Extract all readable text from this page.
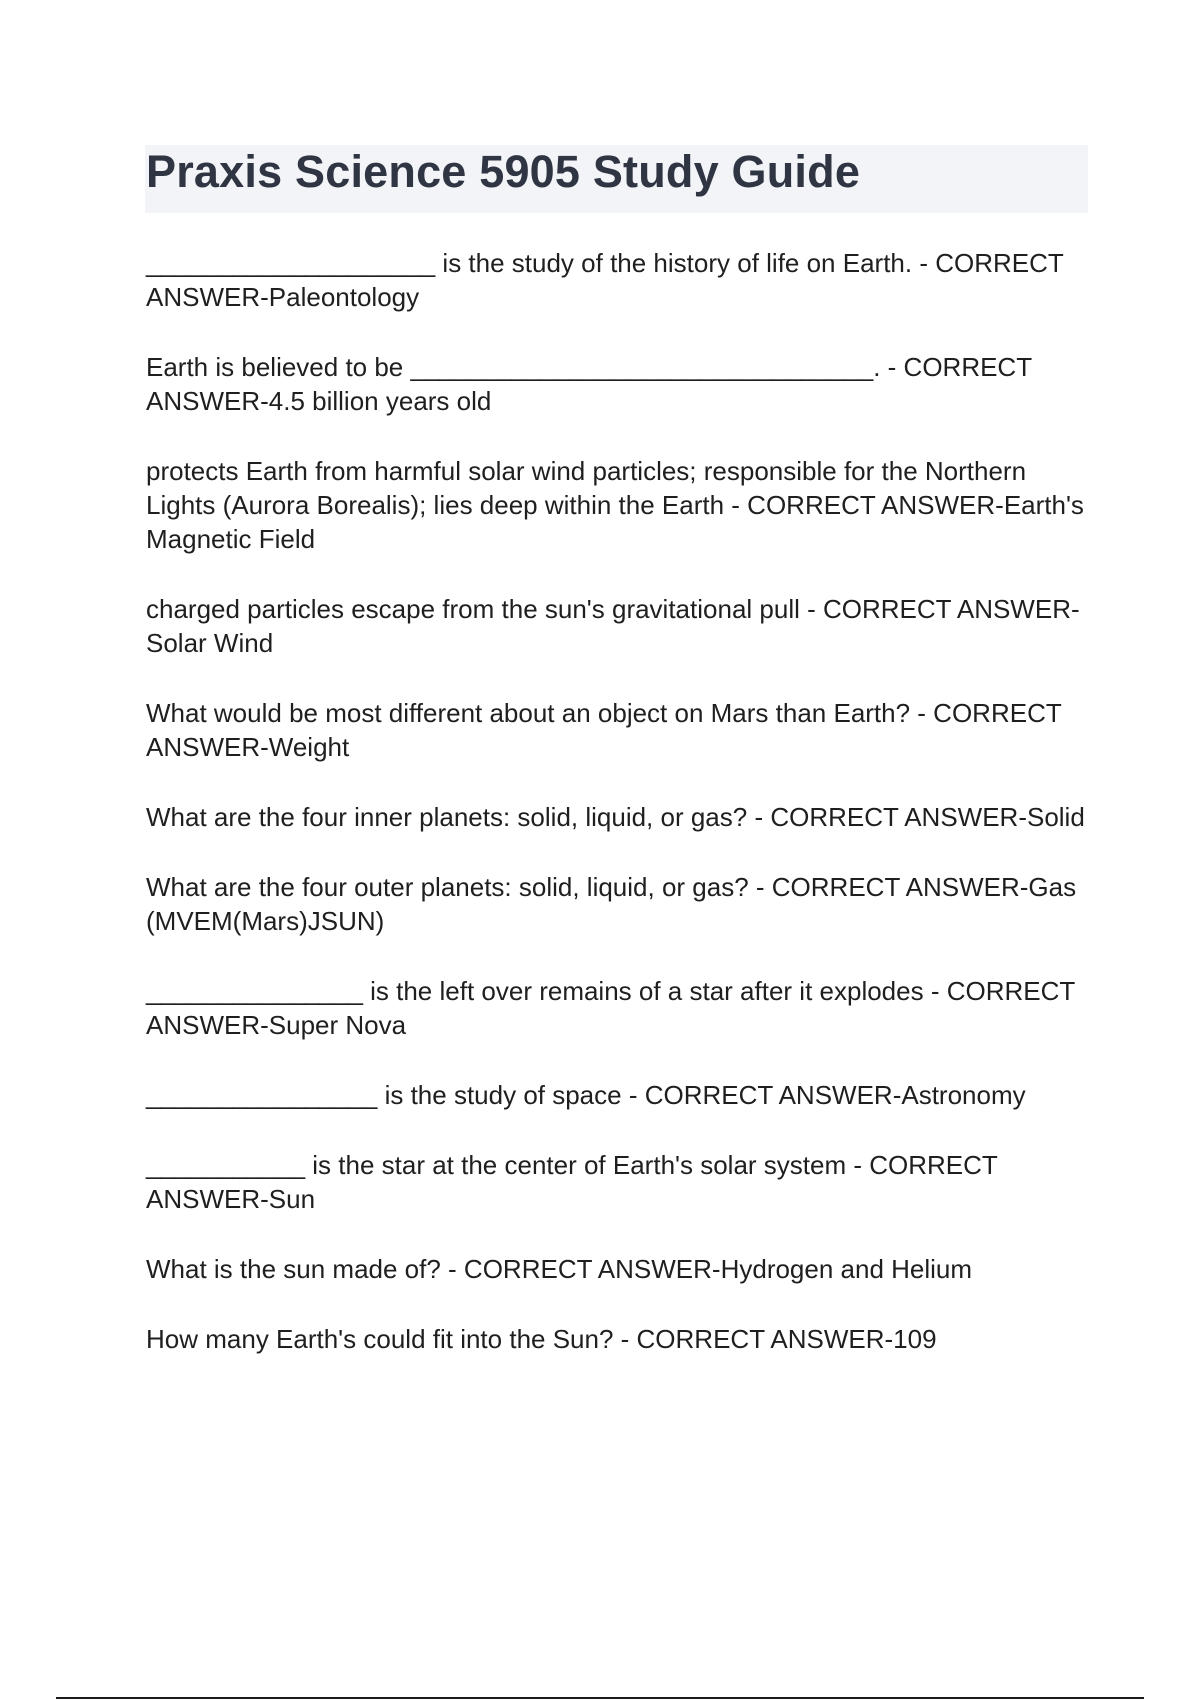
Praxis Science 5905 Study Guide
____________________ is the study of the history of life on Earth. - CORRECT ANSWER-Paleontology
Earth is believed to be ________________________________. - CORRECT ANSWER-4.5 billion years old
protects Earth from harmful solar wind particles; responsible for the Northern Lights (Aurora Borealis); lies deep within the Earth - CORRECT ANSWER-Earth's Magnetic Field
charged particles escape from the sun's gravitational pull - CORRECT ANSWER-Solar Wind
What would be most different about an object on Mars than Earth? - CORRECT ANSWER-Weight
What are the four inner planets: solid, liquid, or gas? - CORRECT ANSWER-Solid
What are the four outer planets: solid, liquid, or gas? - CORRECT ANSWER-Gas (MVEM(Mars)JSUN)
_______________ is the left over remains of a star after it explodes - CORRECT ANSWER-Super Nova
________________ is the study of space - CORRECT ANSWER-Astronomy
___________ is the star at the center of Earth's solar system - CORRECT ANSWER-Sun
What is the sun made of? - CORRECT ANSWER-Hydrogen and Helium
How many Earth's could fit into the Sun? - CORRECT ANSWER-109
